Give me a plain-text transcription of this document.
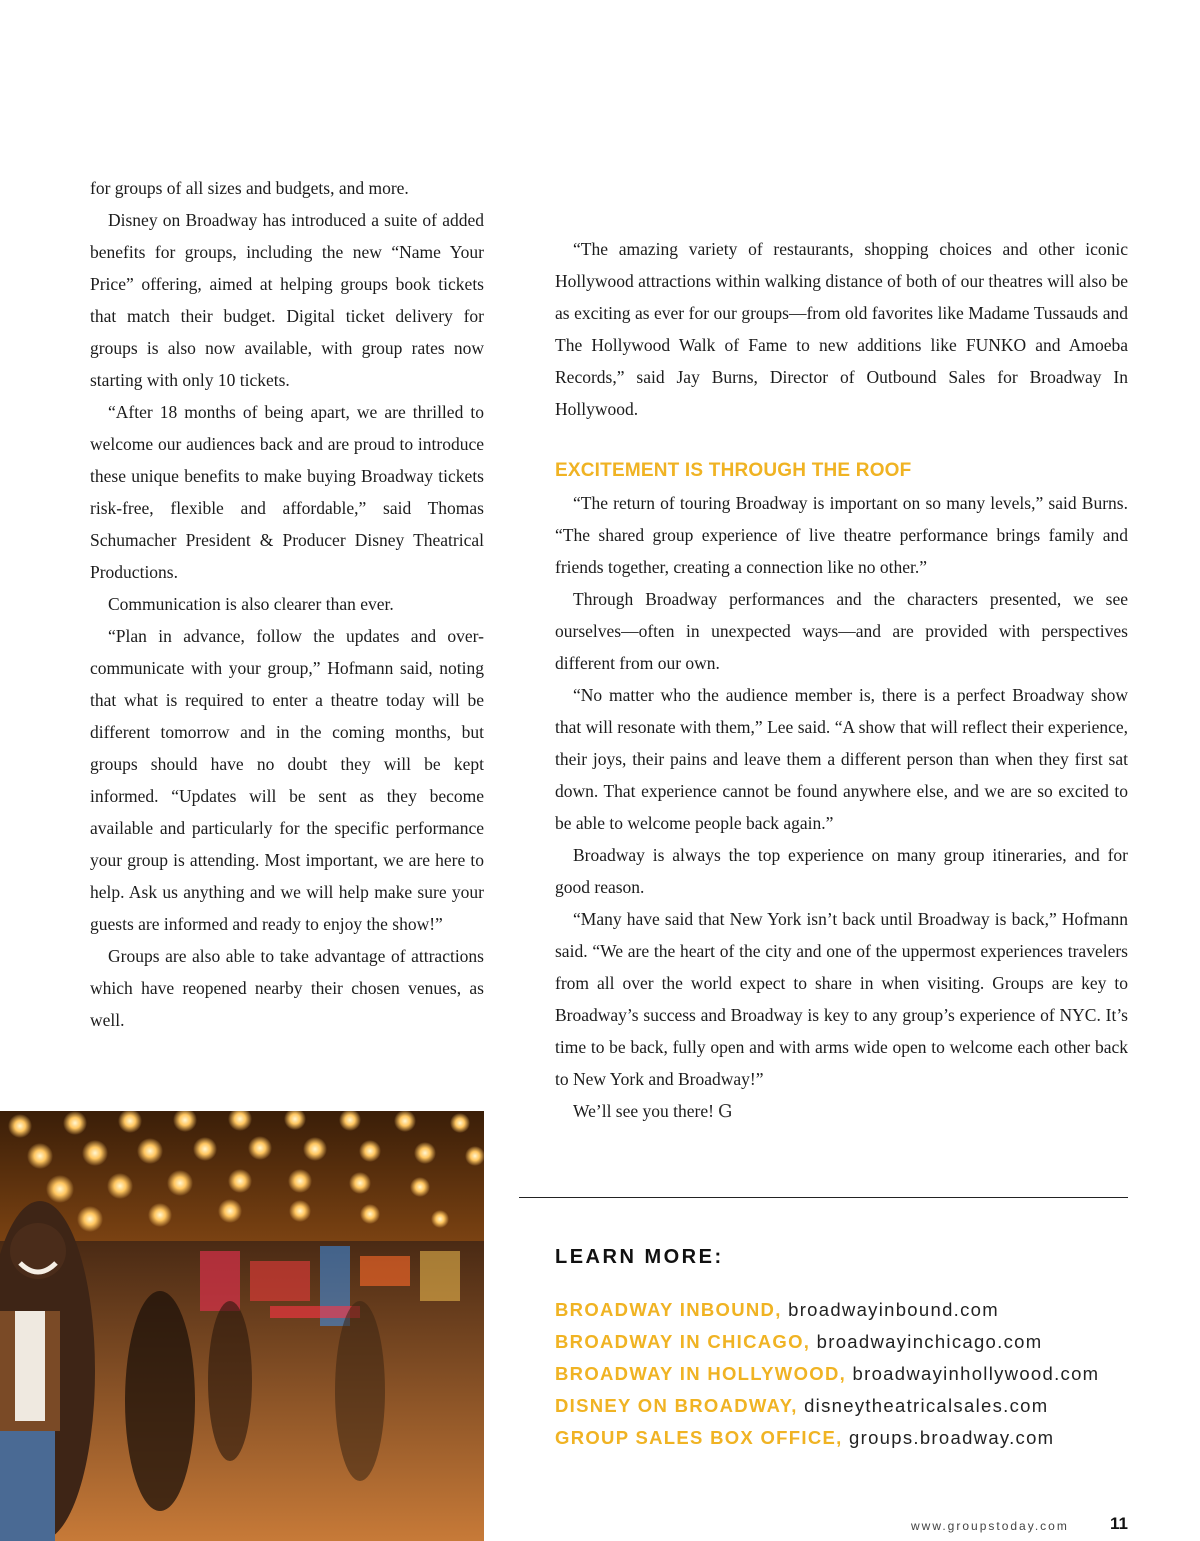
for groups of all sizes and budgets, and more.

Disney on Broadway has introduced a suite of added benefits for groups, including the new “Name Your Price” offering, aimed at helping groups book tickets that match their budget. Digital ticket delivery for groups is also now available, with group rates now starting with only 10 tickets.

“After 18 months of being apart, we are thrilled to welcome our audiences back and are proud to introduce these unique benefits to make buying Broadway tickets risk-free, flexible and affordable,” said Thomas Schumacher President & Producer Disney Theatrical Productions.

Communication is also clearer than ever.

“Plan in advance, follow the updates and over-communicate with your group,” Hofmann said, noting that what is required to enter a theatre today will be different tomorrow and in the coming months, but groups should have no doubt they will be kept informed. “Updates will be sent as they become available and particularly for the specific performance your group is attending. Most important, we are here to help. Ask us anything and we will help make sure your guests are informed and ready to enjoy the show!”

Groups are also able to take advantage of attractions which have reopened nearby their chosen venues, as well.

“The amazing variety of restaurants, shopping choices and other iconic Hollywood attractions within walking distance of both of our theatres will also be as exciting as ever for our groups—from old favorites like Madame Tussauds and The Hollywood Walk of Fame to new additions like FUNKO and Amoeba Records,” said Jay Burns, Director of Outbound Sales for Broadway In Hollywood.

EXCITEMENT IS THROUGH THE ROOF

“The return of touring Broadway is important on so many levels,” said Burns. “The shared group experience of live theatre performance brings family and friends together, creating a connection like no other.”

Through Broadway performances and the characters presented, we see ourselves—often in unexpected ways—and are provided with perspectives different from our own.

“No matter who the audience member is, there is a perfect Broadway show that will resonate with them,” Lee said. “A show that will reflect their experience, their joys, their pains and leave them a different person than when they first sat down. That experience cannot be found anywhere else, and we are so excited to be able to welcome people back again.”

Broadway is always the top experience on many group itineraries, and for good reason.

“Many have said that New York isn’t back until Broadway is back,” Hofmann said. “We are the heart of the city and one of the uppermost experiences travelers from all over the world expect to share in when visiting. Groups are key to Broadway’s success and Broadway is key to any group’s experience of NYC. It’s time to be back, fully open and with arms wide open to welcome each other back to New York and Broadway!”

We’ll see you there! G

LEARN MORE:
BROADWAY INBOUND, broadwayinbound.com
BROADWAY IN CHICAGO, broadwayinchicago.com
BROADWAY IN HOLLYWOOD, broadwayinhollywood.com
DISNEY ON BROADWAY, disneytheatricalsales.com
GROUP SALES BOX OFFICE, groups.broadway.com
www.groupstoday.com 11
